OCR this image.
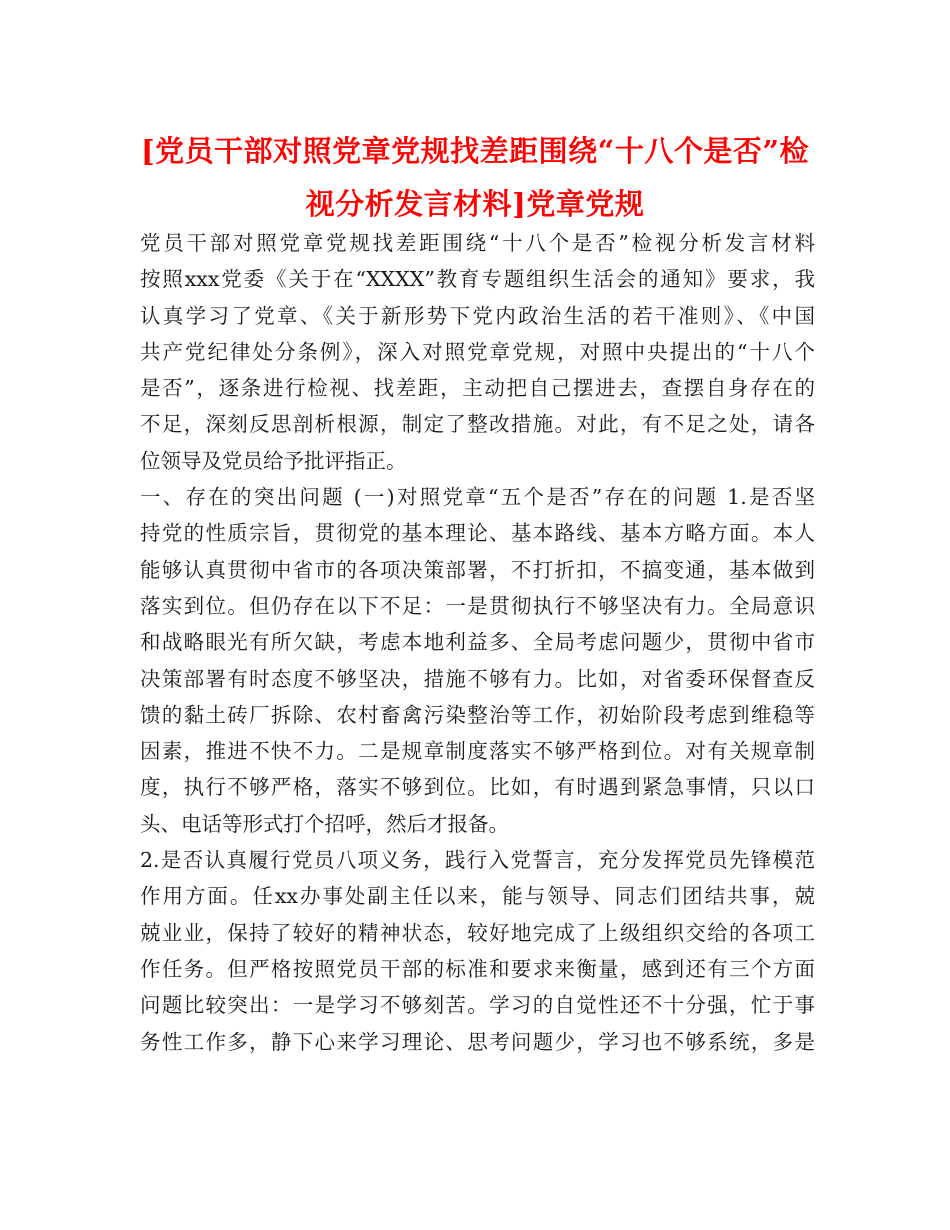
[党员干部对照党章党规找差距围绕“十八个是否”检
视分析发言材料]党章党规
党员干部对照党章党规找差距围绕“十八个是否”检视分析发言材料
按照xxx党委《关于在“XXXX”教育专题组织生活会的通知》要求，我
认真学习了党章、《关于新形势下党内政治生活的若干准则》、《中国
共产党纪律处分条例》，深入对照党章党规，对照中央提出的“十八个
是否”，逐条进行检视、找差距，主动把自己摆进去，查摆自身存在的
不足，深刻反思剖析根源，制定了整改措施。对此，有不足之处，请各
位领导及党员给予批评指正。
一、存在的突出问题 (一)对照党章“五个是否”存在的问题 1.是否坚
持党的性质宗旨，贯彻党的基本理论、基本路线、基本方略方面。本人
能够认真贯彻中省市的各项决策部署，不打折扣，不搞变通，基本做到
落实到位。但仍存在以下不足：一是贯彻执行不够坚决有力。全局意识
和战略眼光有所欠缺，考虑本地利益多、全局考虑问题少，贯彻中省市
决策部署有时态度不够坚决，措施不够有力。比如，对省委环保督查反
馈的黏土砖厂拆除、农村畜禽污染整治等工作，初始阶段考虑到维稳等
因素，推进不快不力。二是规章制度落实不够严格到位。对有关规章制
度，执行不够严格，落实不够到位。比如，有时遇到紧急事情，只以口
头、电话等形式打个招呼，然后才报备。
2.是否认真履行党员八项义务，践行入党誓言，充分发挥党员先锋模范
作用方面。任xx办事处副主任以来，能与领导、同志们团结共事，兢
兢业业，保持了较好的精神状态，较好地完成了上级组织交给的各项工
作任务。但严格按照党员干部的标准和要求来衡量，感到还有三个方面
问题比较突出：一是学习不够刻苦。学习的自觉性还不十分强，忙于事
务性工作多，静下心来学习理论、思考问题少，学习也不够系统，多是
